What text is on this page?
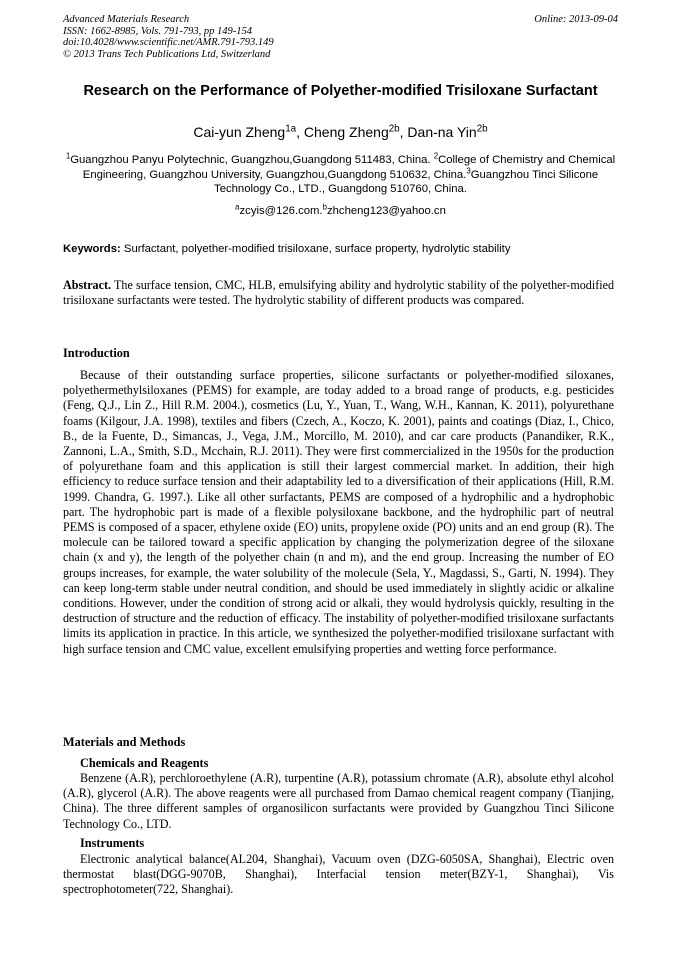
Advanced Materials Research
ISSN: 1662-8985, Vols. 791-793, pp 149-154
doi:10.4028/www.scientific.net/AMR.791-793.149
© 2013 Trans Tech Publications Ltd, Switzerland
Online: 2013-09-04
Research on the Performance of Polyether-modified Trisiloxane Surfactant
Cai-yun Zheng$^{1a}$, Cheng Zheng$^{2b}$, Dan-na Yin$^{2b}$
$^1$Guangzhou Panyu Polytechnic, Guangzhou,Guangdong 511483, China. $^2$College of Chemistry and Chemical Engineering, Guangzhou University, Guangzhou,Guangdong 510632, China.$^3$Guangzhou Tinci Silicone Technology Co., LTD., Guangdong 510760, China.
$^a$zcyis@126.com.$^b$zhcheng123@yahoo.cn
Keywords: Surfactant, polyether-modified trisiloxane, surface property, hydrolytic stability
Abstract. The surface tension, CMC, HLB, emulsifying ability and hydrolytic stability of the polyether-modified trisiloxane surfactants were tested. The hydrolytic stability of different products was compared.
Introduction
Because of their outstanding surface properties, silicone surfactants or polyether-modified siloxanes, polyethermethylsiloxanes (PEMS) for example, are today added to a broad range of products, e.g. pesticides (Feng, Q.J., Lin Z., Hill R.M. 2004.), cosmetics (Lu, Y., Yuan, T., Wang, W.H., Kannan, K. 2011), polyurethane foams (Kilgour, J.A. 1998), textiles and fibers (Czech, A., Koczo, K. 2001), paints and coatings (Diaz, I., Chico, B., de la Fuente, D., Simancas, J., Vega, J.M., Morcillo, M. 2010), and car care products (Panandiker, R.K., Zannoni, L.A., Smith, S.D., Mcchain, R.J. 2011). They were first commercialized in the 1950s for the production of polyurethane foam and this application is still their largest commercial market. In addition, their high efficiency to reduce surface tension and their adaptability led to a diversification of their applications (Hill, R.M. 1999. Chandra, G. 1997.). Like all other surfactants, PEMS are composed of a hydrophilic and a hydrophobic part. The hydrophobic part is made of a flexible polysiloxane backbone, and the hydrophilic part of neutral PEMS is composed of a spacer, ethylene oxide (EO) units, propylene oxide (PO) units and an end group (R). The molecule can be tailored toward a specific application by changing the polymerization degree of the siloxane chain (x and y), the length of the polyether chain (n and m), and the end group. Increasing the number of EO groups increases, for example, the water solubility of the molecule (Sela, Y., Magdassi, S., Garti, N. 1994). They can keep long-term stable under neutral condition, and should be used immediately in slightly acidic or alkaline conditions. However, under the condition of strong acid or alkali, they would hydrolysis quickly, resulting in the destruction of structure and the reduction of efficacy. The instability of polyether-modified trisiloxane surfactants limits its application in practice. In this article, we synthesized the polyether-modified trisiloxane surfactant with high surface tension and CMC value, excellent emulsifying properties and wetting force performance.
Materials and Methods
Chemicals and Reagents
Benzene (A.R), perchloroethylene (A.R), turpentine (A.R), potassium chromate (A.R), absolute ethyl alcohol (A.R), glycerol (A.R). The above reagents were all purchased from Damao chemical reagent company (Tianjing, China). The three different samples of organosilicon surfactants were provided by Guangzhou Tinci Silicone Technology Co., LTD.
Instruments
Electronic analytical balance(AL204, Shanghai), Vacuum oven (DZG-6050SA, Shanghai), Electric oven thermostat blast(DGG-9070B, Shanghai), Interfacial tension meter(BZY-1, Shanghai), Vis spectrophotometer(722, Shanghai).
